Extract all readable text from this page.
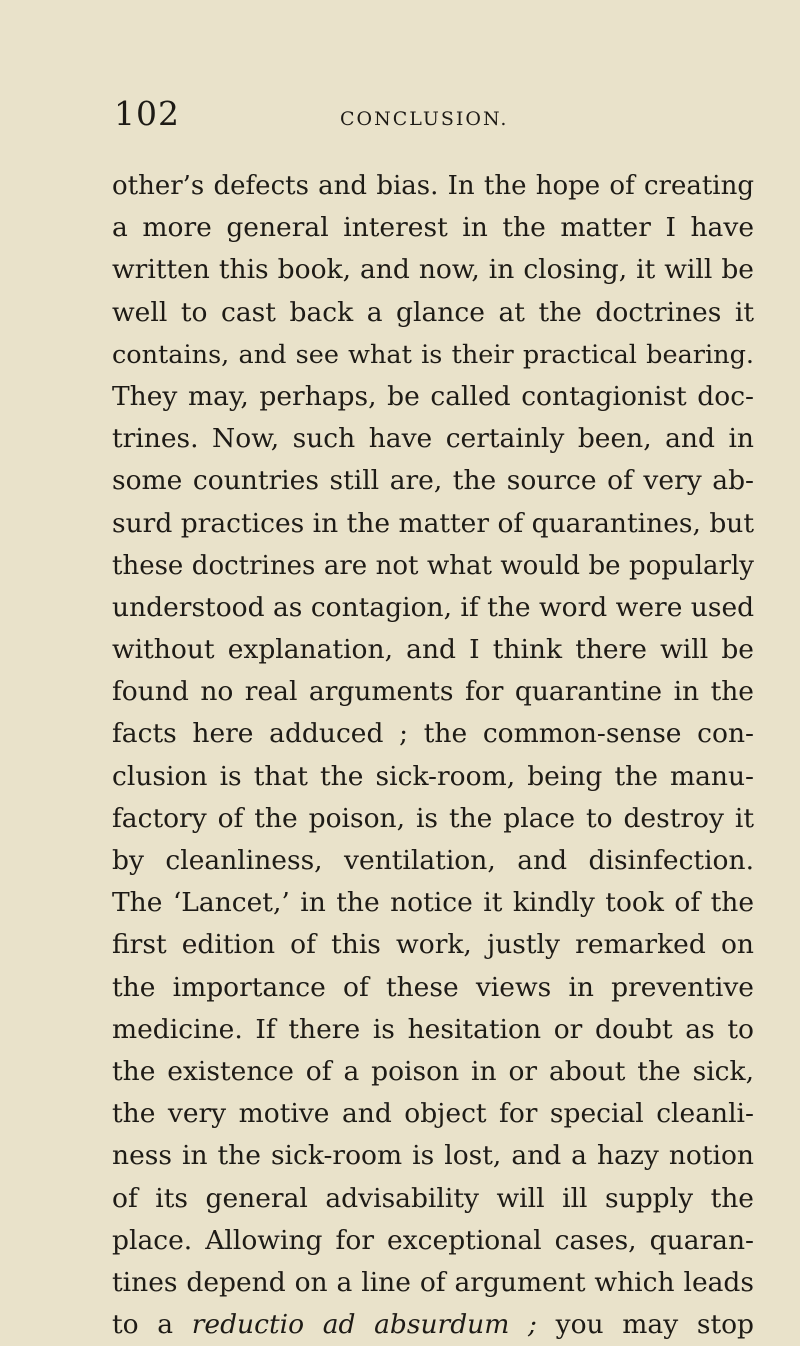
102	CONCLUSION.
other’s defects and bias. In the hope of creating
a more general interest in the matter I have
written this book, and now, in closing, it will be
well to cast back a glance at the doctrines it
contains, and see what is their practical bearing.
They may, perhaps, be called contagionist doc-
trines. Now, such have certainly been, and in
some countries still are, the source of very ab-
surd practices in the matter of quarantines, but
these doctrines are not what would be popularly
understood as contagion, if the word were used
without explanation, and I think there will be
found no real arguments for quarantine in the
facts here adduced ; the common-sense con-
clusion is that the sick-room, being the manu-
factory of the poison, is the place to destroy it
by cleanliness, ventilation, and disinfection.
The ‘Lancet,’ in the notice it kindly took of the
first edition of this work, justly remarked on
the importance of these views in preventive
medicine. If there is hesitation or doubt as to
the existence of a poison in or about the sick,
the very motive and object for special cleanli-
ness in the sick-room is lost, and a hazy notion
of its general advisability will ill supply the
place. Allowing for exceptional cases, quaran-
tines depend on a line of argument which leads
to a reductio ad absurdum ; you may stop
